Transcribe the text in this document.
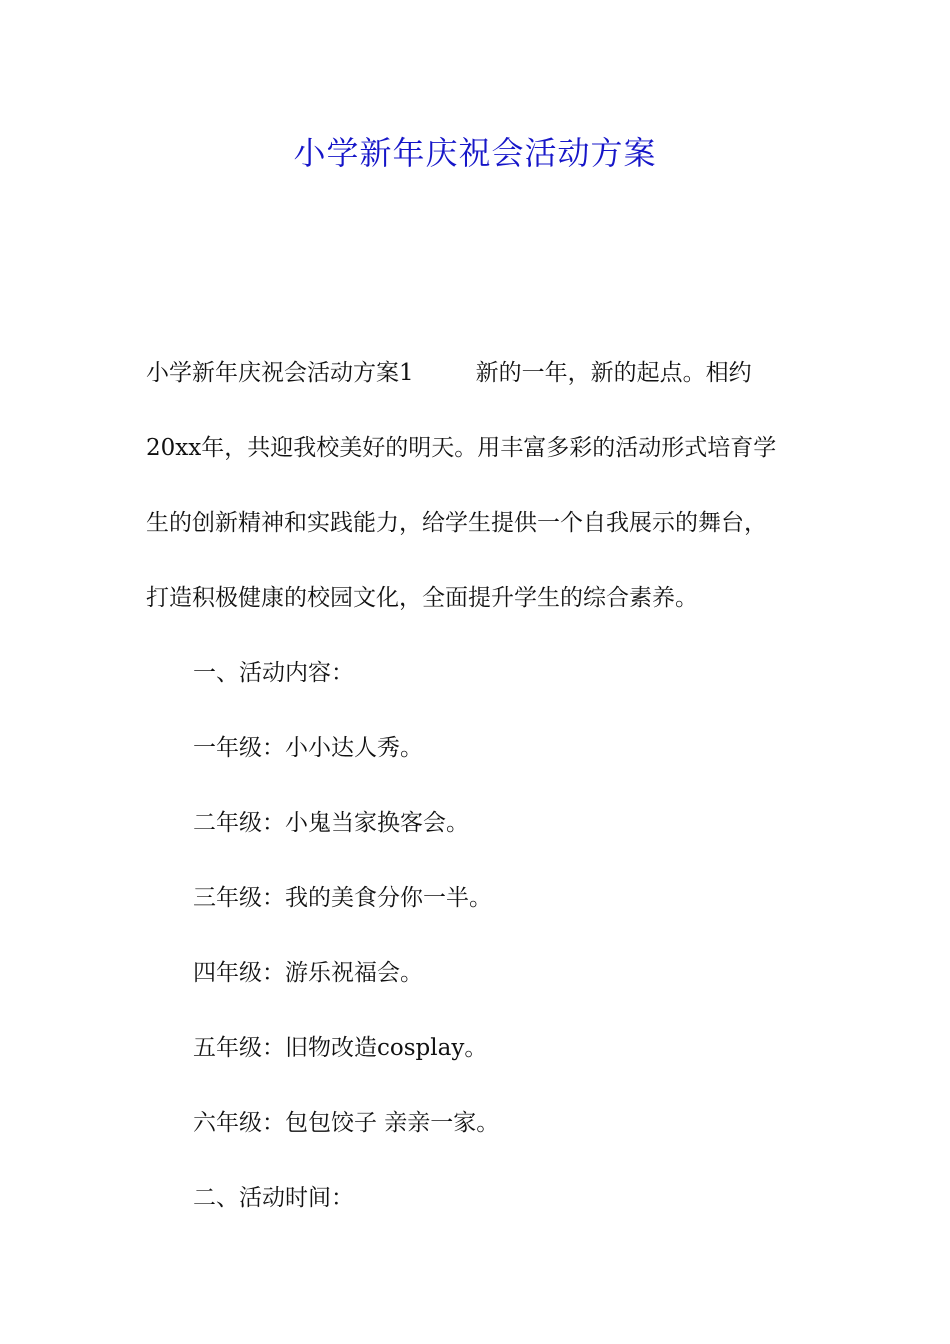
小学新年庆祝会活动方案
小学新年庆祝会活动方案1	新的一年，新的起点。相约
20xx年，共迎我校美好的明天。用丰富多彩的活动形式培育学
生的创新精神和实践能力，给学生提供一个自我展示的舞台，
打造积极健康的校园文化，全面提升学生的综合素养。
一、活动内容：
一年级：小小达人秀。
二年级：小鬼当家换客会。
三年级：我的美食分你一半。
四年级：游乐祝福会。
五年级：旧物改造cosplay。
六年级：包包饺子 亲亲一家。
二、活动时间：
